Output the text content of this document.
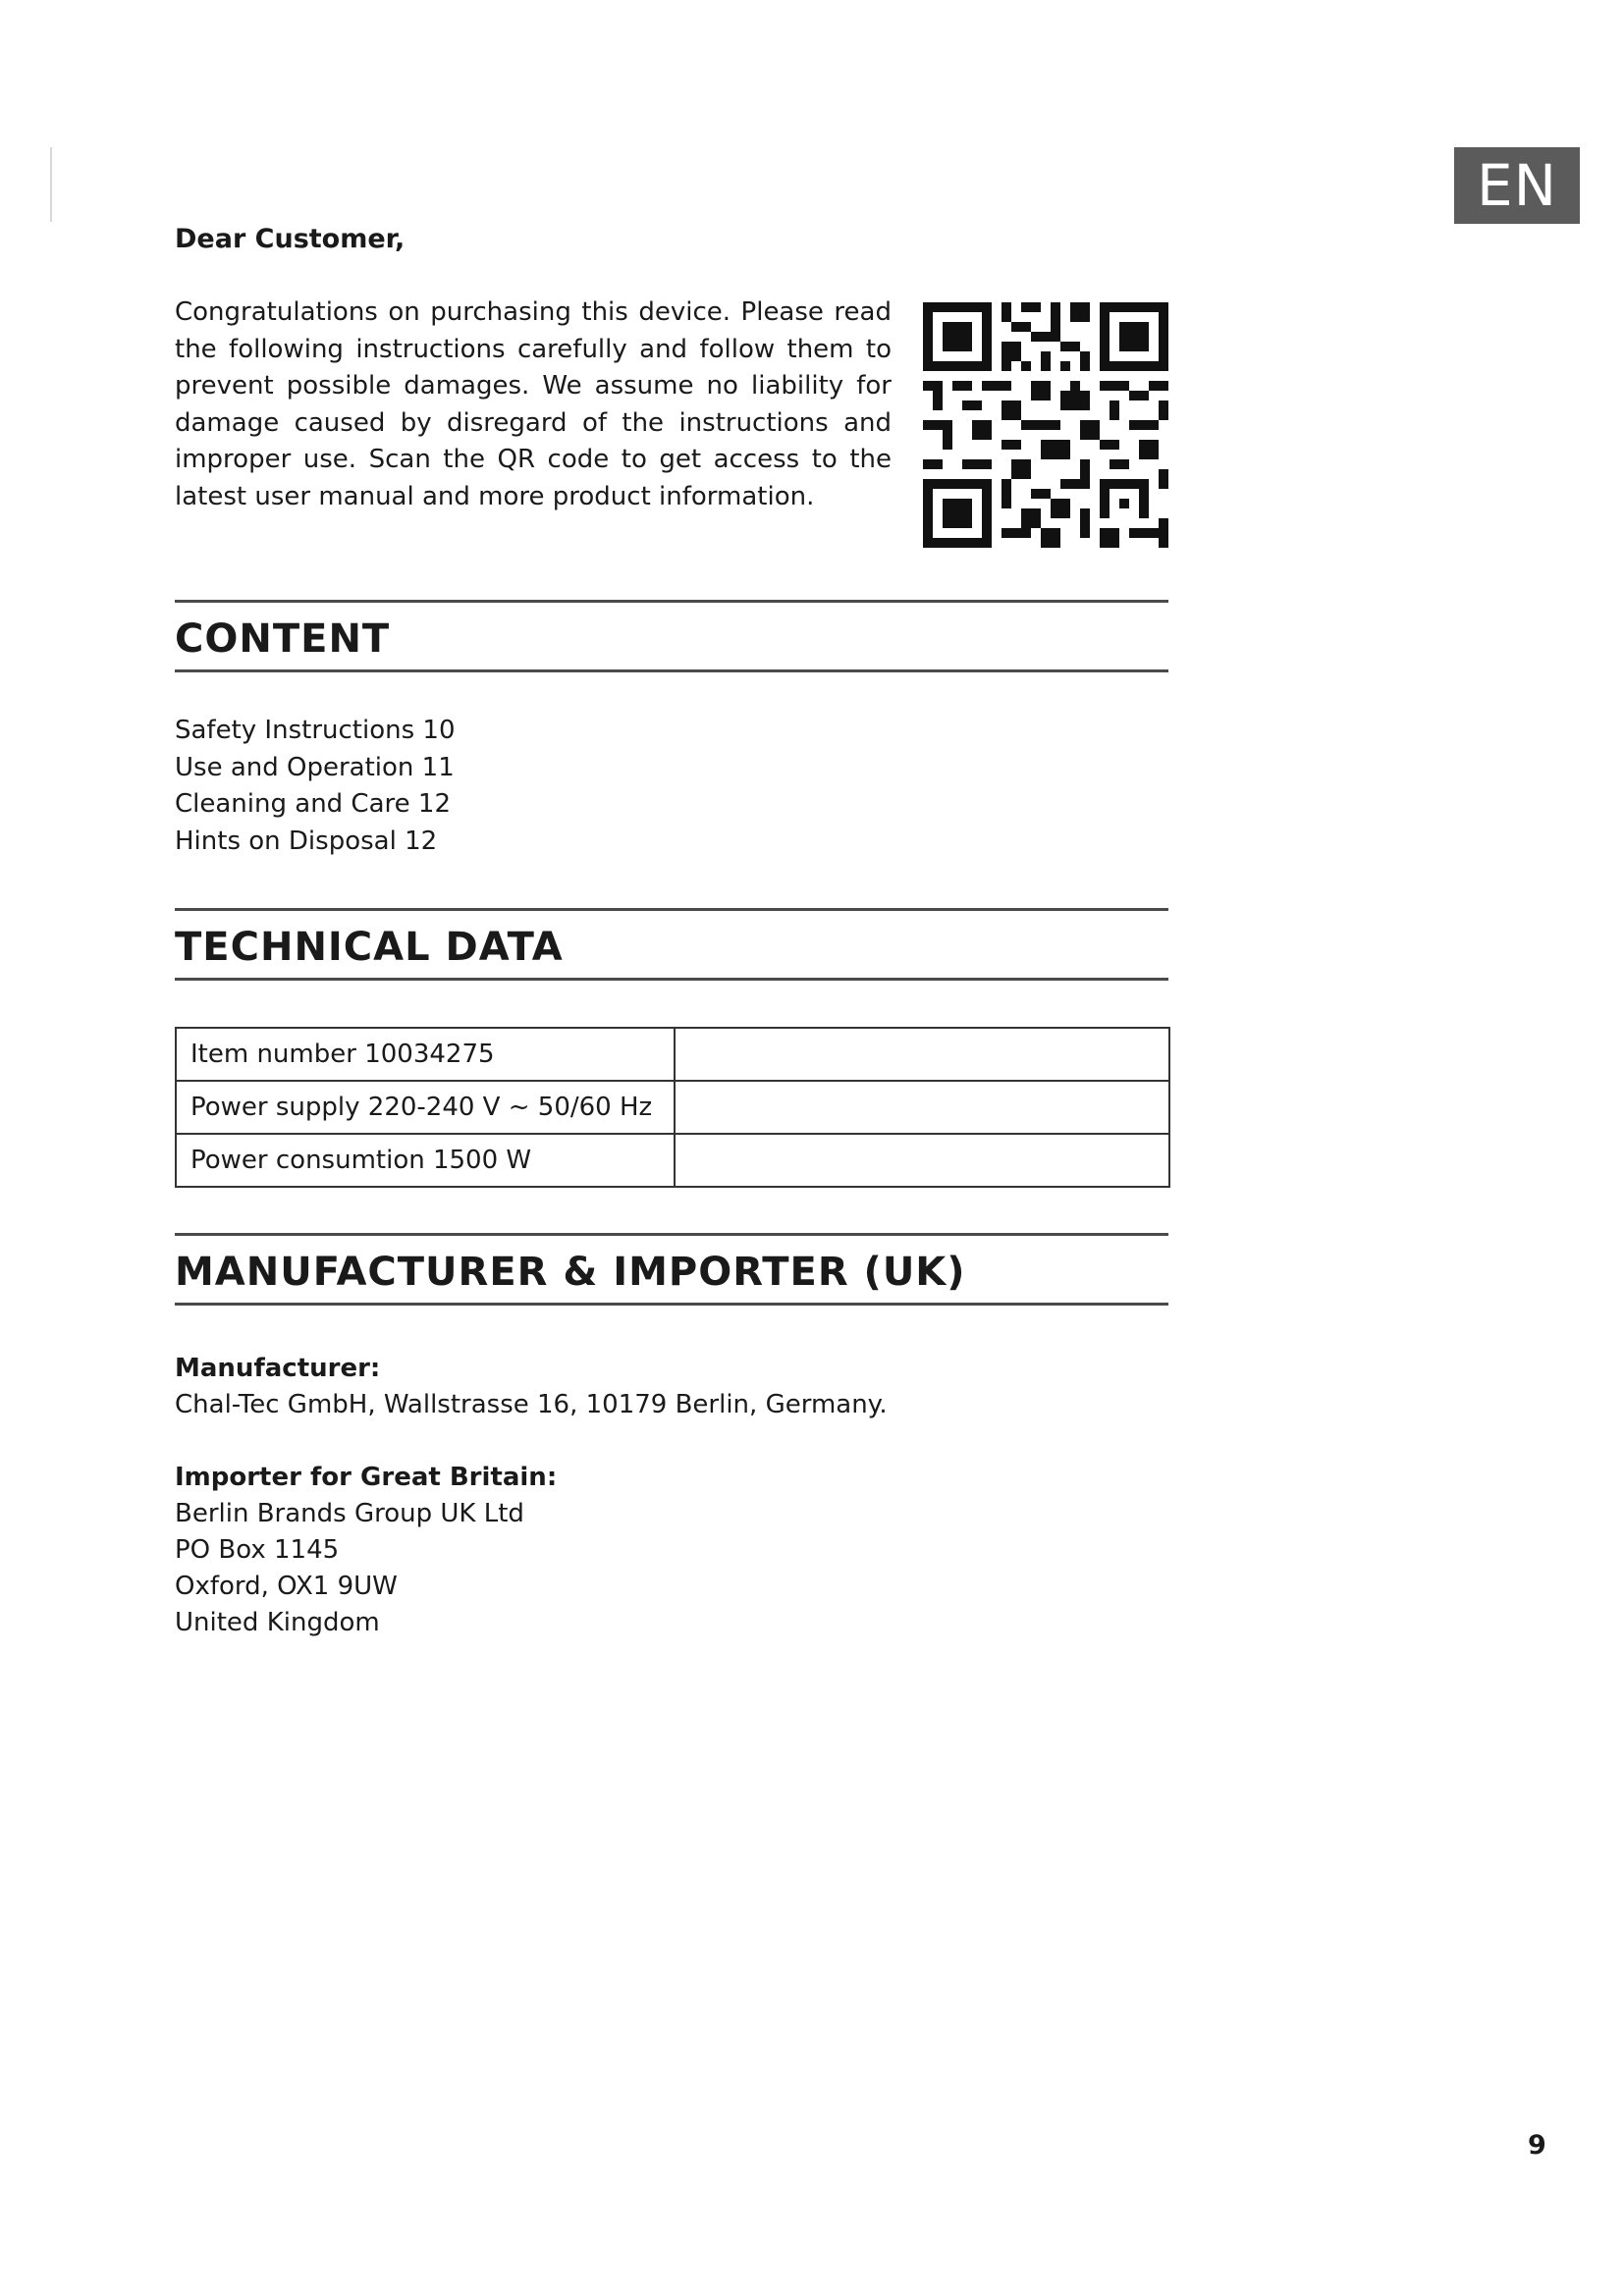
EN
Dear Customer,

Congratulations on purchasing this device. Please read the following instructions carefully and follow them to prevent possible damages. We assume no liability for damage caused by disregard of the instructions and improper use. Scan the QR code to get access to the latest user manual and more product information.

CONTENT
Safety Instructions 10
Use and Operation 11
Cleaning and Care 12
Hints on Disposal 12
TECHNICAL DATA
Item number 10034275	
Power supply 220-240 V ~ 50/60 Hz	
Power consumtion 1500 W	
MANUFACTURER & IMPORTER (UK)
Manufacturer:
Chal-Tec GmbH, Wallstrasse 16, 10179 Berlin, Germany.
Importer for Great Britain:
Berlin Brands Group UK Ltd
PO Box 1145
Oxford, OX1 9UW
United Kingdom
9
